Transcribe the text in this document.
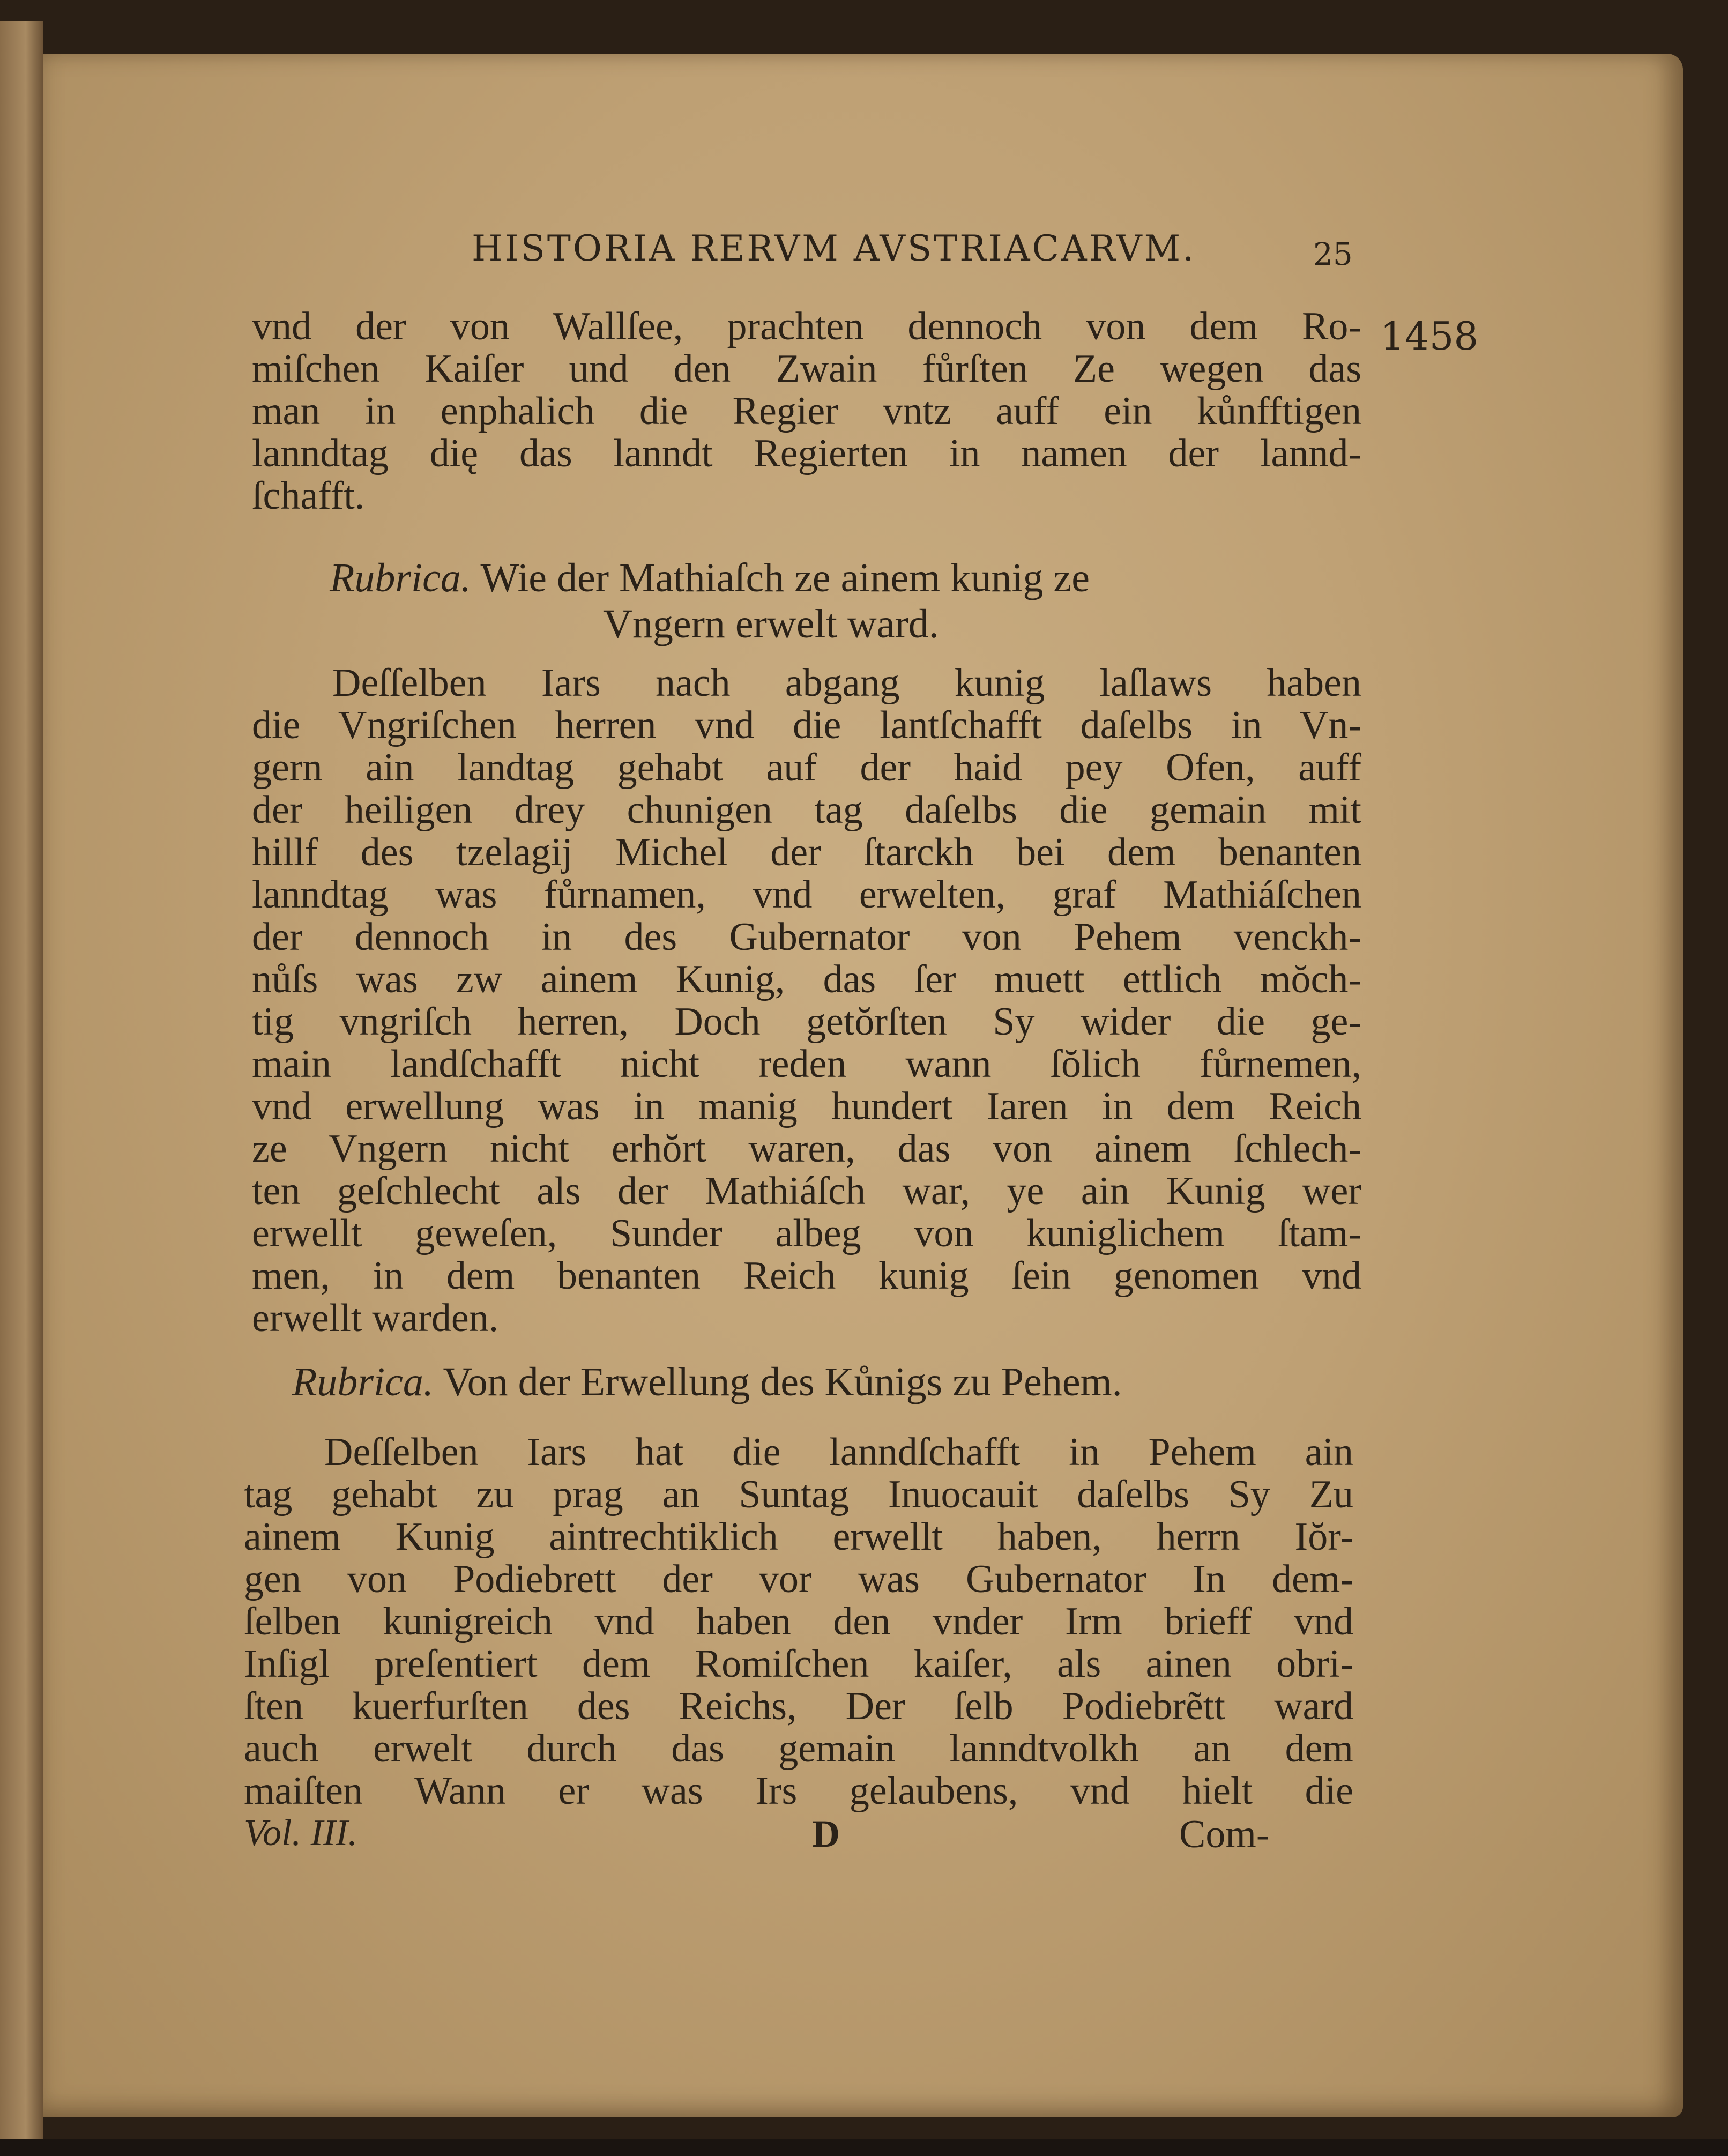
HISTORIA RERVM AVSTRIACARVM.	25
1458
vnd der von Wallſee, prachten dennoch von dem Ro-
miſchen Kaiſer und den Zwain fůrſten Ze wegen das
man in enphalich die Regier vntz auff ein kůnfftigen
lanndtag dię das lanndt Regierten in namen der lannd-
ſchafft.
Rubrica. Wie der Mathiaſch ze ainem kunig ze
Vngern erwelt ward.
Deſſelben Iars nach abgang kunig laſlaws haben
die Vngriſchen herren vnd die lantſchafft daſelbs in Vn-
gern ain landtag gehabt auf der haid pey Ofen, auff
der heiligen drey chunigen tag daſelbs die gemain mit
hillf des tzelagij Michel der ſtarckh bei dem benanten
lanndtag was fůrnamen, vnd erwelten, graf Mathiáſchen
der dennoch in des Gubernator von Pehem venckh-
nůſs was zw ainem Kunig, das ſer muett ettlich mŏch-
tig vngriſch herren, Doch getŏrſten Sy wider die ge-
main landſchafft nicht reden wann ſŏlich fůrnemen,
vnd erwellung was in manig hundert Iaren in dem Reich
ze Vngern nicht erhŏrt waren, das von ainem ſchlech-
ten geſchlecht als der Mathiáſch war, ye ain Kunig wer
erwellt geweſen, Sunder albeg von kuniglichem ſtam-
men, in dem benanten Reich kunig ſein genomen vnd
erwellt warden.
Rubrica. Von der Erwellung des Kůnigs zu Pehem.
Deſſelben Iars hat die lanndſchafft in Pehem ain
tag gehabt zu prag an Suntag Inuocauit daſelbs Sy Zu
ainem Kunig aintrechtiklich erwellt haben, herrn Iŏr-
gen von Podiebrett der vor was Gubernator In dem-
ſelben kunigreich vnd haben den vnder Irm brieff vnd
Inſigl preſentiert dem Romiſchen kaiſer, als ainen obri-
ſten kuerfurſten des Reichs, Der ſelb Podiebrẽtt ward
auch erwelt durch das gemain lanndtvolkh an dem
maiſten Wann er was Irs gelaubens, vnd hielt die
Vol. III.	D	Com-
